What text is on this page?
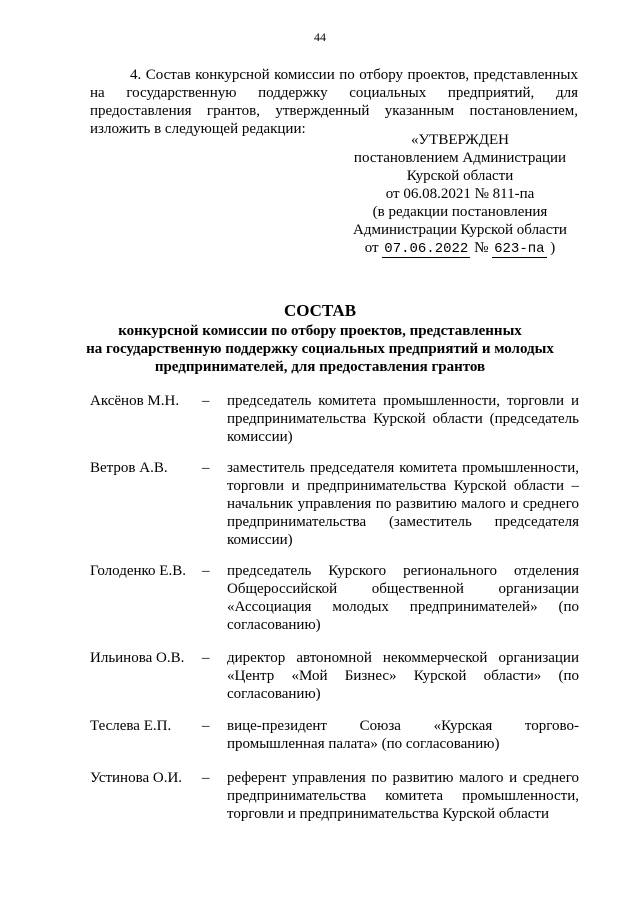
44

4. Состав конкурсной комиссии по отбору проектов, представленных на государственную поддержку социальных предприятий, для предоставления грантов, утвержденный указанным постановлением, изложить в следующей редакции:

«УТВЕРЖДЕН
постановлением Администрации
Курской области
от 06.08.2021 № 811-па
(в редакции постановления
Администрации Курской области
от 07.06.2022 № 623-па )
СОСТАВ
конкурсной комиссии по отбору проектов, представленных
на государственную поддержку социальных предприятий и молодых
предпринимателей, для предоставления грантов
Аксёнов М.Н. – председатель комитета промышленности, торговли и предпринимательства Курской области (председатель комиссии)
Ветров А.В. – заместитель председателя комитета промышленности, торговли и предпринимательства Курской области – начальник управления по развитию малого и среднего предпринимательства (заместитель председателя комиссии)
Голоденко Е.В. – председатель Курского регионального отделения Общероссийской общественной организации «Ассоциация молодых предпринимателей» (по согласованию)
Ильинова О.В. – директор автономной некоммерческой организации «Центр «Мой Бизнес» Курской области» (по согласованию)
Теслева Е.П. – вице-президент Союза «Курская торгово-промышленная палата» (по согласованию)
Устинова О.И. – референт управления по развитию малого и среднего предпринимательства комитета промышленности, торговли и предпринимательства Курской области
